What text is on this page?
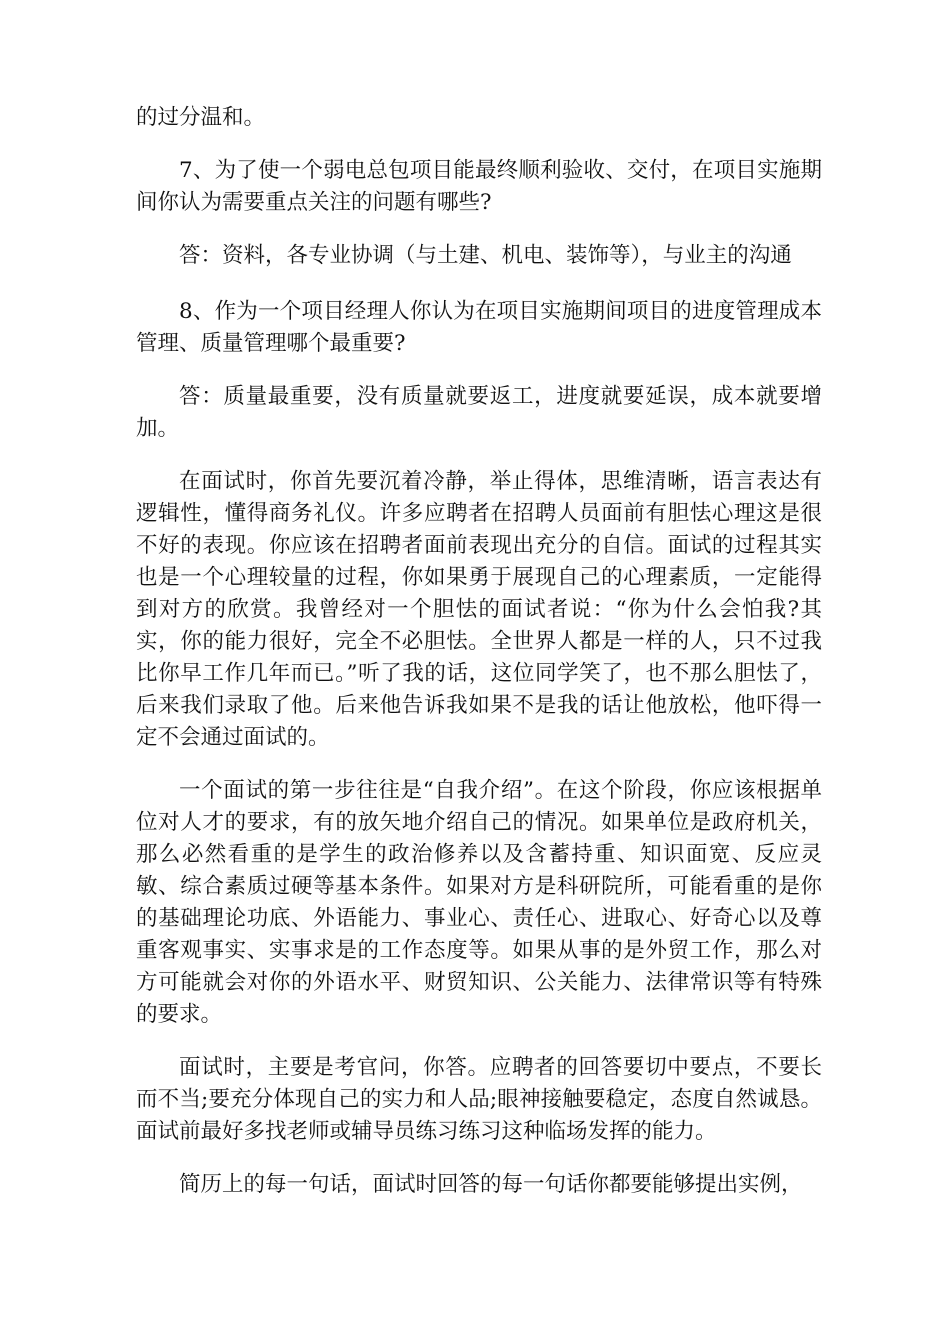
的过分温和。

7、为了使一个弱电总包项目能最终顺利验收、交付，在项目实施期间你认为需要重点关注的问题有哪些?

答：资料，各专业协调（与土建、机电、装饰等），与业主的沟通

8、作为一个项目经理人你认为在项目实施期间项目的进度管理成本管理、质量管理哪个最重要?

答：质量最重要，没有质量就要返工，进度就要延误，成本就要增加。

在面试时，你首先要沉着冷静，举止得体，思维清晰，语言表达有逻辑性，懂得商务礼仪。许多应聘者在招聘人员面前有胆怯心理这是很不好的表现。你应该在招聘者面前表现出充分的自信。面试的过程其实也是一个心理较量的过程，你如果勇于展现自己的心理素质，一定能得到对方的欣赏。我曾经对一个胆怯的面试者说：“你为什么会怕我?其实，你的能力很好，完全不必胆怯。全世界人都是一样的人，只不过我比你早工作几年而已。”听了我的话，这位同学笑了，也不那么胆怯了，后来我们录取了他。后来他告诉我如果不是我的话让他放松，他吓得一定不会通过面试的。

一个面试的第一步往往是“自我介绍”。在这个阶段，你应该根据单位对人才的要求，有的放矢地介绍自己的情况。如果单位是政府机关，那么必然看重的是学生的政治修养以及含蓄持重、知识面宽、反应灵敏、综合素质过硬等基本条件。如果对方是科研院所，可能看重的是你的基础理论功底、外语能力、事业心、责任心、进取心、好奇心以及尊重客观事实、实事求是的工作态度等。如果从事的是外贸工作，那么对方可能就会对你的外语水平、财贸知识、公关能力、法律常识等有特殊的要求。

面试时，主要是考官问，你答。应聘者的回答要切中要点，不要长而不当;要充分体现自己的实力和人品;眼神接触要稳定，态度自然诚恳。面试前最好多找老师或辅导员练习练习这种临场发挥的能力。

简历上的每一句话，面试时回答的每一句话你都要能够提出实例，
